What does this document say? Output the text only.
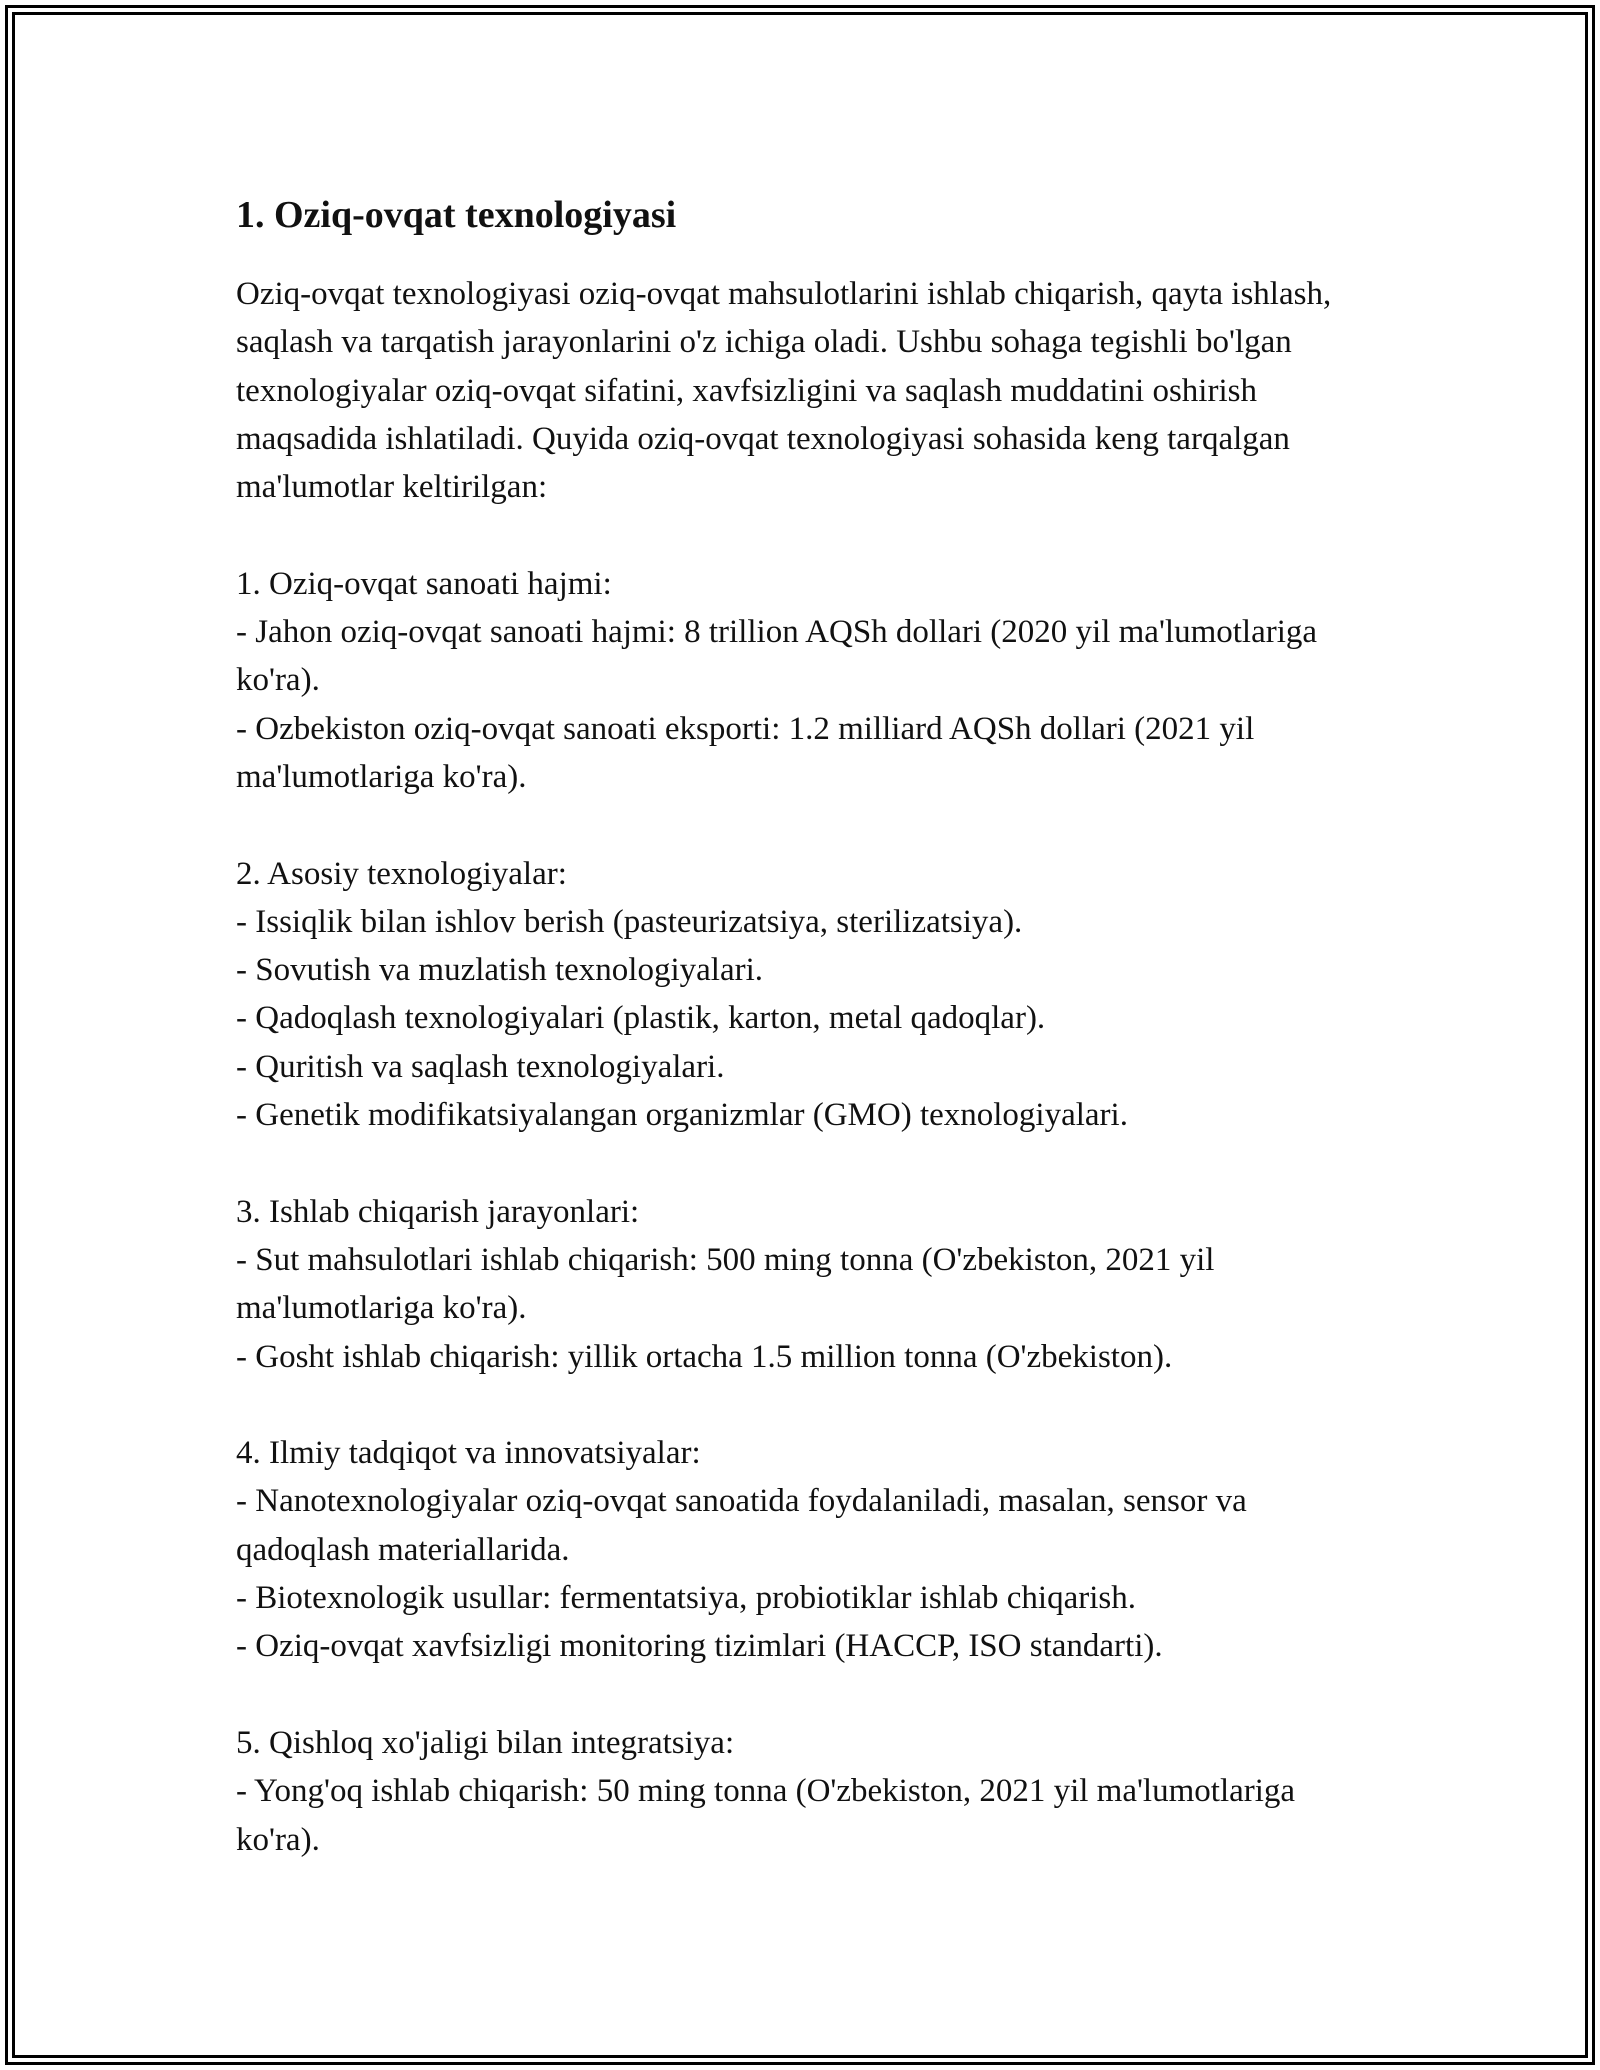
1. Oziq-ovqat texnologiyasi

Oziq-ovqat texnologiyasi oziq-ovqat mahsulotlarini ishlab chiqarish, qayta ishlash, saqlash va tarqatish jarayonlarini o'z ichiga oladi. Ushbu sohaga tegishli bo'lgan texnologiyalar oziq-ovqat sifatini, xavfsizligini va saqlash muddatini oshirish maqsadida ishlatiladi. Quyida oziq-ovqat texnologiyasi sohasida keng tarqalgan ma'lumotlar keltirilgan:

1. Oziq-ovqat sanoati hajmi:

- Jahon oziq-ovqat sanoati hajmi: 8 trillion AQSh dollari (2020 yil ma'lumotlariga ko'ra).

- Ozbekiston oziq-ovqat sanoati eksporti: 1.2 milliard AQSh dollari (2021 yil ma'lumotlariga ko'ra).

2. Asosiy texnologiyalar:

- Issiqlik bilan ishlov berish (pasteurizatsiya, sterilizatsiya).

- Sovutish va muzlatish texnologiyalari.

- Qadoqlash texnologiyalari (plastik, karton, metal qadoqlar).

- Quritish va saqlash texnologiyalari.

- Genetik modifikatsiyalangan organizmlar (GMO) texnologiyalari.

3. Ishlab chiqarish jarayonlari:

- Sut mahsulotlari ishlab chiqarish: 500 ming tonna (O'zbekiston, 2021 yil ma'lumotlariga ko'ra).

- Gosht ishlab chiqarish: yillik ortacha 1.5 million tonna (O'zbekiston).

4. Ilmiy tadqiqot va innovatsiyalar:

- Nanotexnologiyalar oziq-ovqat sanoatida foydalaniladi, masalan, sensor va qadoqlash materiallarida.

- Biotexnologik usullar: fermentatsiya, probiotiklar ishlab chiqarish.

- Oziq-ovqat xavfsizligi monitoring tizimlari (HACCP, ISO standarti).

5. Qishloq xo'jaligi bilan integratsiya:

- Yong'oq ishlab chiqarish: 50 ming tonna (O'zbekiston, 2021 yil ma'lumotlariga ko'ra).
